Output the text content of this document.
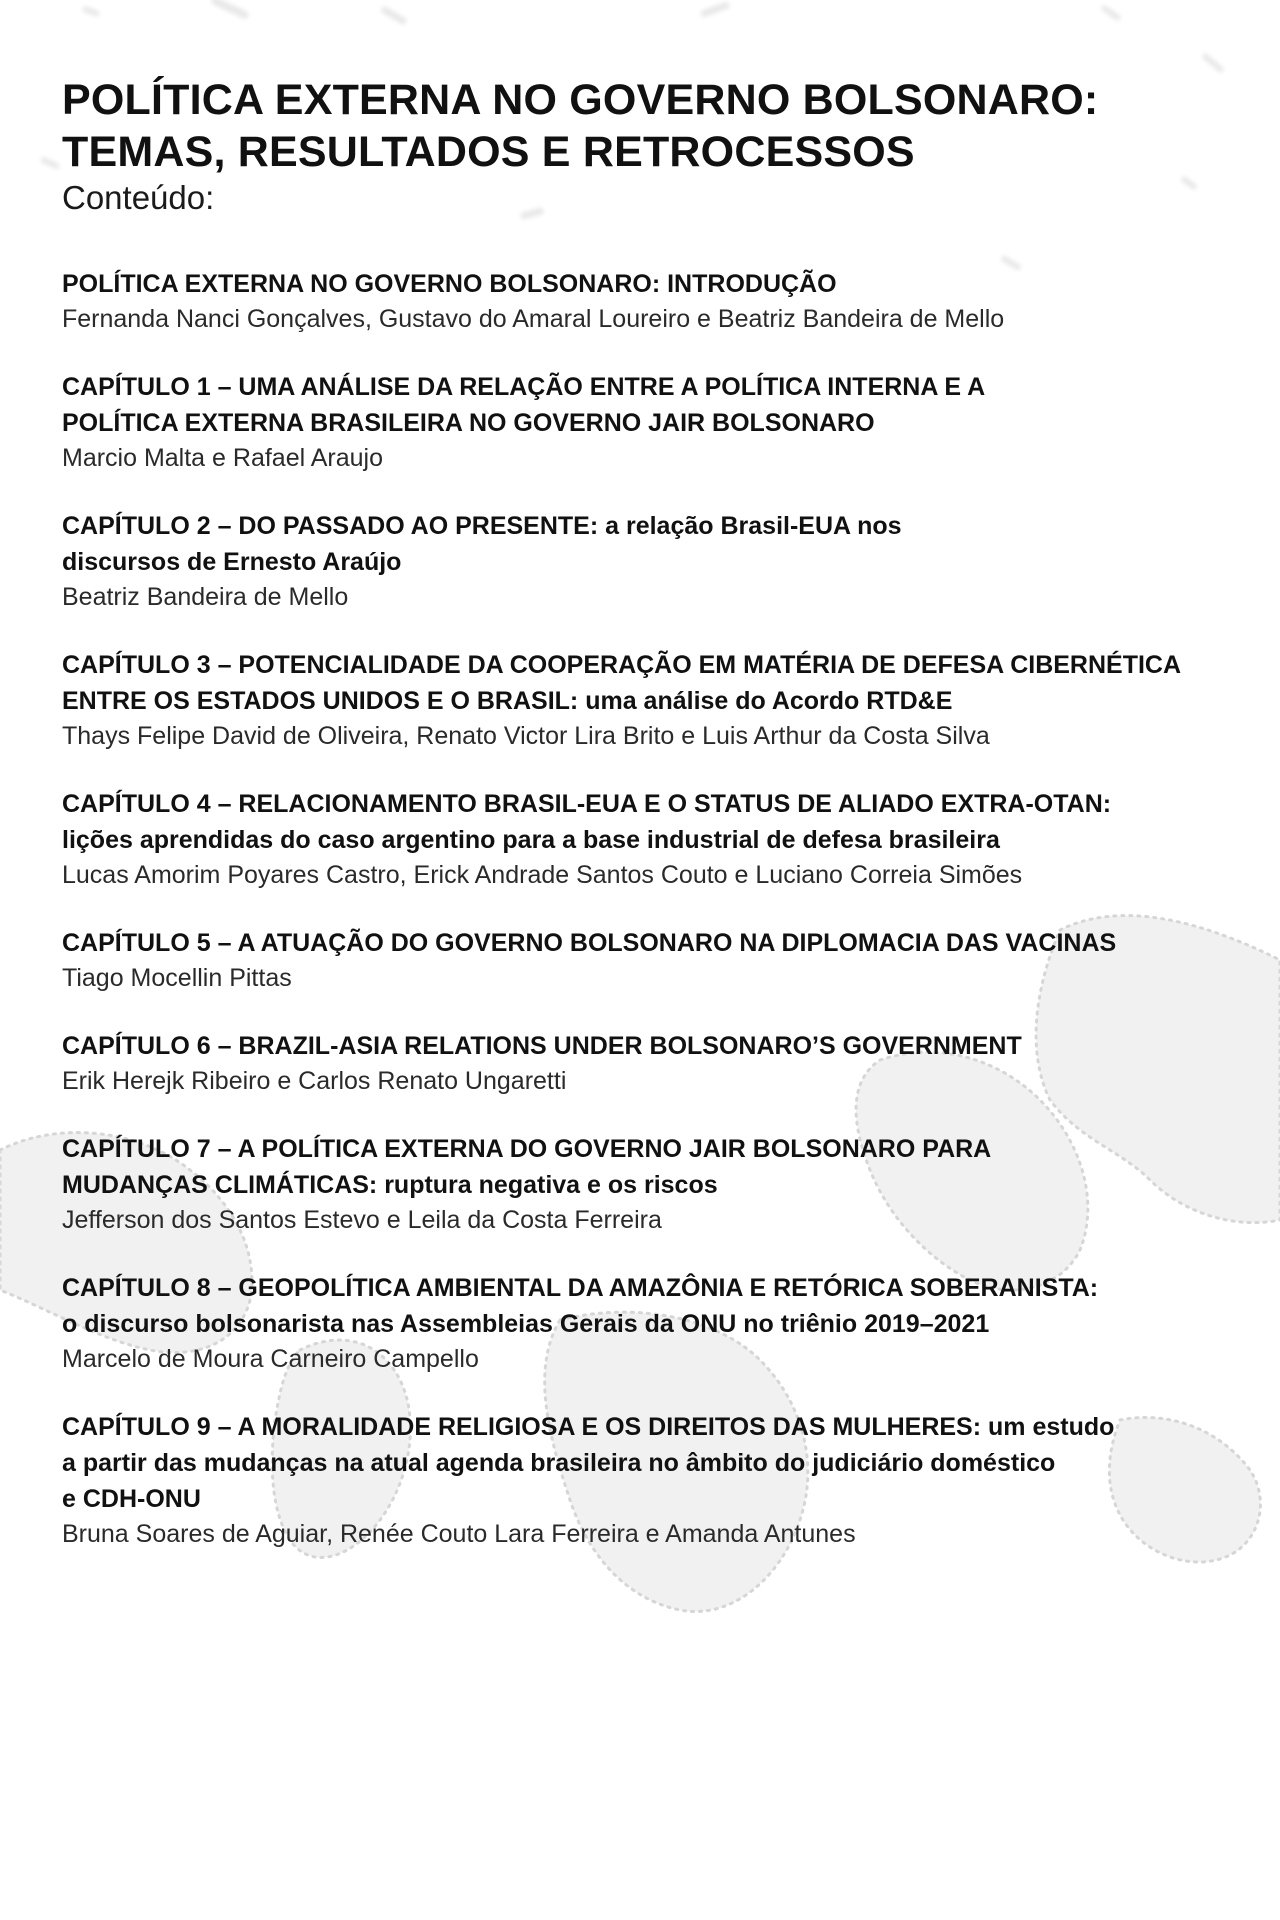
POLÍTICA EXTERNA NO GOVERNO BOLSONARO:
TEMAS, RESULTADOS E RETROCESSOS
Conteúdo:

POLÍTICA EXTERNA NO GOVERNO BOLSONARO: INTRODUÇÃO

Fernanda Nanci Gonçalves, Gustavo do Amaral Loureiro e Beatriz Bandeira de Mello

CAPÍTULO 1 – UMA ANÁLISE DA RELAÇÃO ENTRE A POLÍTICA INTERNA E A
POLÍTICA EXTERNA BRASILEIRA NO GOVERNO JAIR BOLSONARO

Marcio Malta e Rafael Araujo

CAPÍTULO 2 – DO PASSADO AO PRESENTE: a relação Brasil-EUA nos
discursos de Ernesto Araújo

Beatriz Bandeira de Mello

CAPÍTULO 3 – POTENCIALIDADE DA COOPERAÇÃO EM MATÉRIA DE DEFESA CIBERNÉTICA
ENTRE OS ESTADOS UNIDOS E O BRASIL: uma análise do Acordo RTD&E

Thays Felipe David de Oliveira, Renato Victor Lira Brito e Luis Arthur da Costa Silva

CAPÍTULO 4 – RELACIONAMENTO BRASIL-EUA E O STATUS DE ALIADO EXTRA-OTAN:
lições aprendidas do caso argentino para a base industrial de defesa brasileira

Lucas Amorim Poyares Castro, Erick Andrade Santos Couto e Luciano Correia Simões

CAPÍTULO 5 – A ATUAÇÃO DO GOVERNO BOLSONARO NA DIPLOMACIA DAS VACINAS

Tiago Mocellin Pittas

CAPÍTULO 6 – BRAZIL-ASIA RELATIONS UNDER BOLSONARO’S GOVERNMENT

Erik Herejk Ribeiro e Carlos Renato Ungaretti

CAPÍTULO 7 – A POLÍTICA EXTERNA DO GOVERNO JAIR BOLSONARO PARA
MUDANÇAS CLIMÁTICAS: ruptura negativa e os riscos

Jefferson dos Santos Estevo e Leila da Costa Ferreira

CAPÍTULO 8 – GEOPOLÍTICA AMBIENTAL DA AMAZÔNIA E RETÓRICA SOBERANISTA:
o discurso bolsonarista nas Assembleias Gerais da ONU no triênio 2019–2021

Marcelo de Moura Carneiro Campello

CAPÍTULO 9 – A MORALIDADE RELIGIOSA E OS DIREITOS DAS MULHERES: um estudo
a partir das mudanças na atual agenda brasileira no âmbito do judiciário doméstico
e CDH-ONU

Bruna Soares de Aguiar, Renée Couto Lara Ferreira e Amanda Antunes
